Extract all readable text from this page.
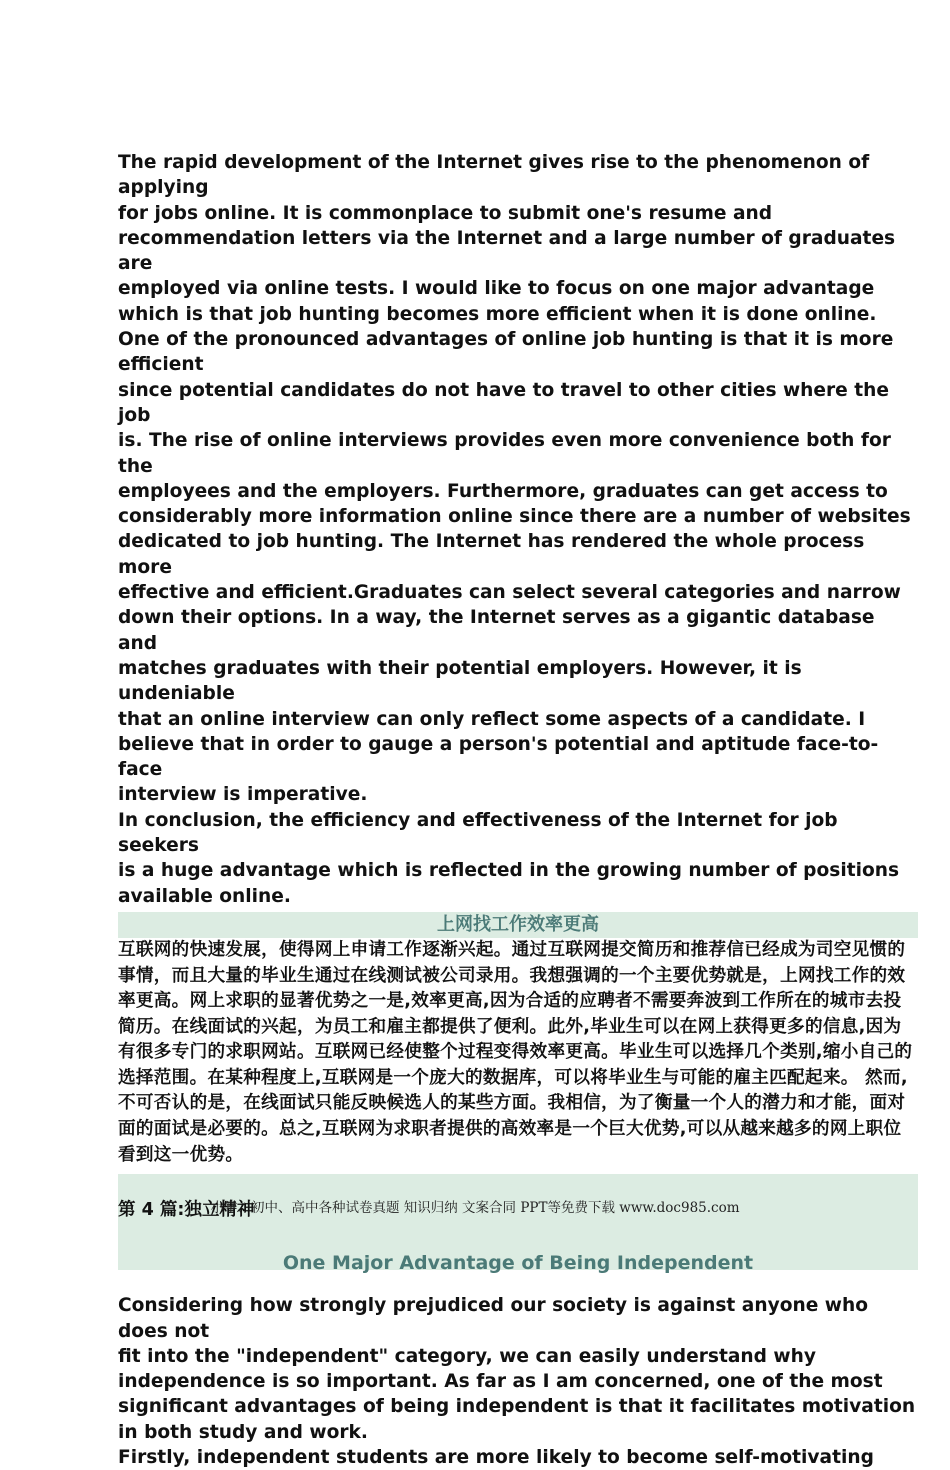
The rapid development of the Internet gives rise to the phenomenon of applying
for jobs online. It is commonplace to submit one's resume and
recommendation letters via the Internet and a large number of graduates are
employed via online tests. I would like to focus on one major advantage
which is that job hunting becomes more efficient when it is done online.

One of the pronounced advantages of online job hunting is that it is more efficient
since potential candidates do not have to travel to other cities where the job
is. The rise of online interviews provides even more convenience both for the
employees and the employers. Furthermore, graduates can get access to
considerably more information online since there are a number of websites
dedicated to job hunting. The Internet has rendered the whole process more
effective and efficient.Graduates can select several categories and narrow
down their options. In a way, the Internet serves as a gigantic database and
matches graduates with their potential employers. However, it is undeniable
that an online interview can only reflect some aspects of a candidate. I
believe that in order to gauge a person's potential and aptitude face-to-face
interview is imperative.

In conclusion, the efficiency and effectiveness of the Internet for job seekers
is a huge advantage which is reflected in the growing number of positions
available online.

上网找工作效率更高

互联网的快速发展，使得网上申请工作逐渐兴起。通过互联网提交简历和推荐信已经成为司空见惯的事情，而且大量的毕业生通过在线测试被公司录用。我想强调的一个主要优势就是，上网找工作的效率更高。网上求职的显著优势之一是,效率更高,因为合适的应聘者不需要奔波到工作所在的城市去投简历。在线面试的兴起，为员工和雇主都提供了便利。此外,毕业生可以在网上获得更多的信息,因为有很多专门的求职网站。互联网已经使整个过程变得效率更高。毕业生可以选择几个类别,缩小自己的选择范围。在某种程度上,互联网是一个庞大的数据库，可以将毕业生与可能的雇主匹配起来。 然而,不可否认的是，在线面试只能反映候选人的某些方面。我相信，为了衡量一个人的潜力和才能，面对面的面试是必要的。总之,互联网为求职者提供的高效率是一个巨大优势,可以从越来越多的网上职位看到这一优势。

第 4 篇:独立精神
One Major Advantage of Being Independent

Considering how strongly prejudiced our society is against anyone who does not
fit into the "independent" category, we can easily understand why
independence is so important. As far as I am concerned, one of the most
significant advantages of being independent is that it facilitates motivation
in both study and work.

Firstly, independent students are more likely to become self-motivating

小学、初中、高中各种试卷真题 知识归纳 文案合同 PPT等免费下载 www.doc985.com
